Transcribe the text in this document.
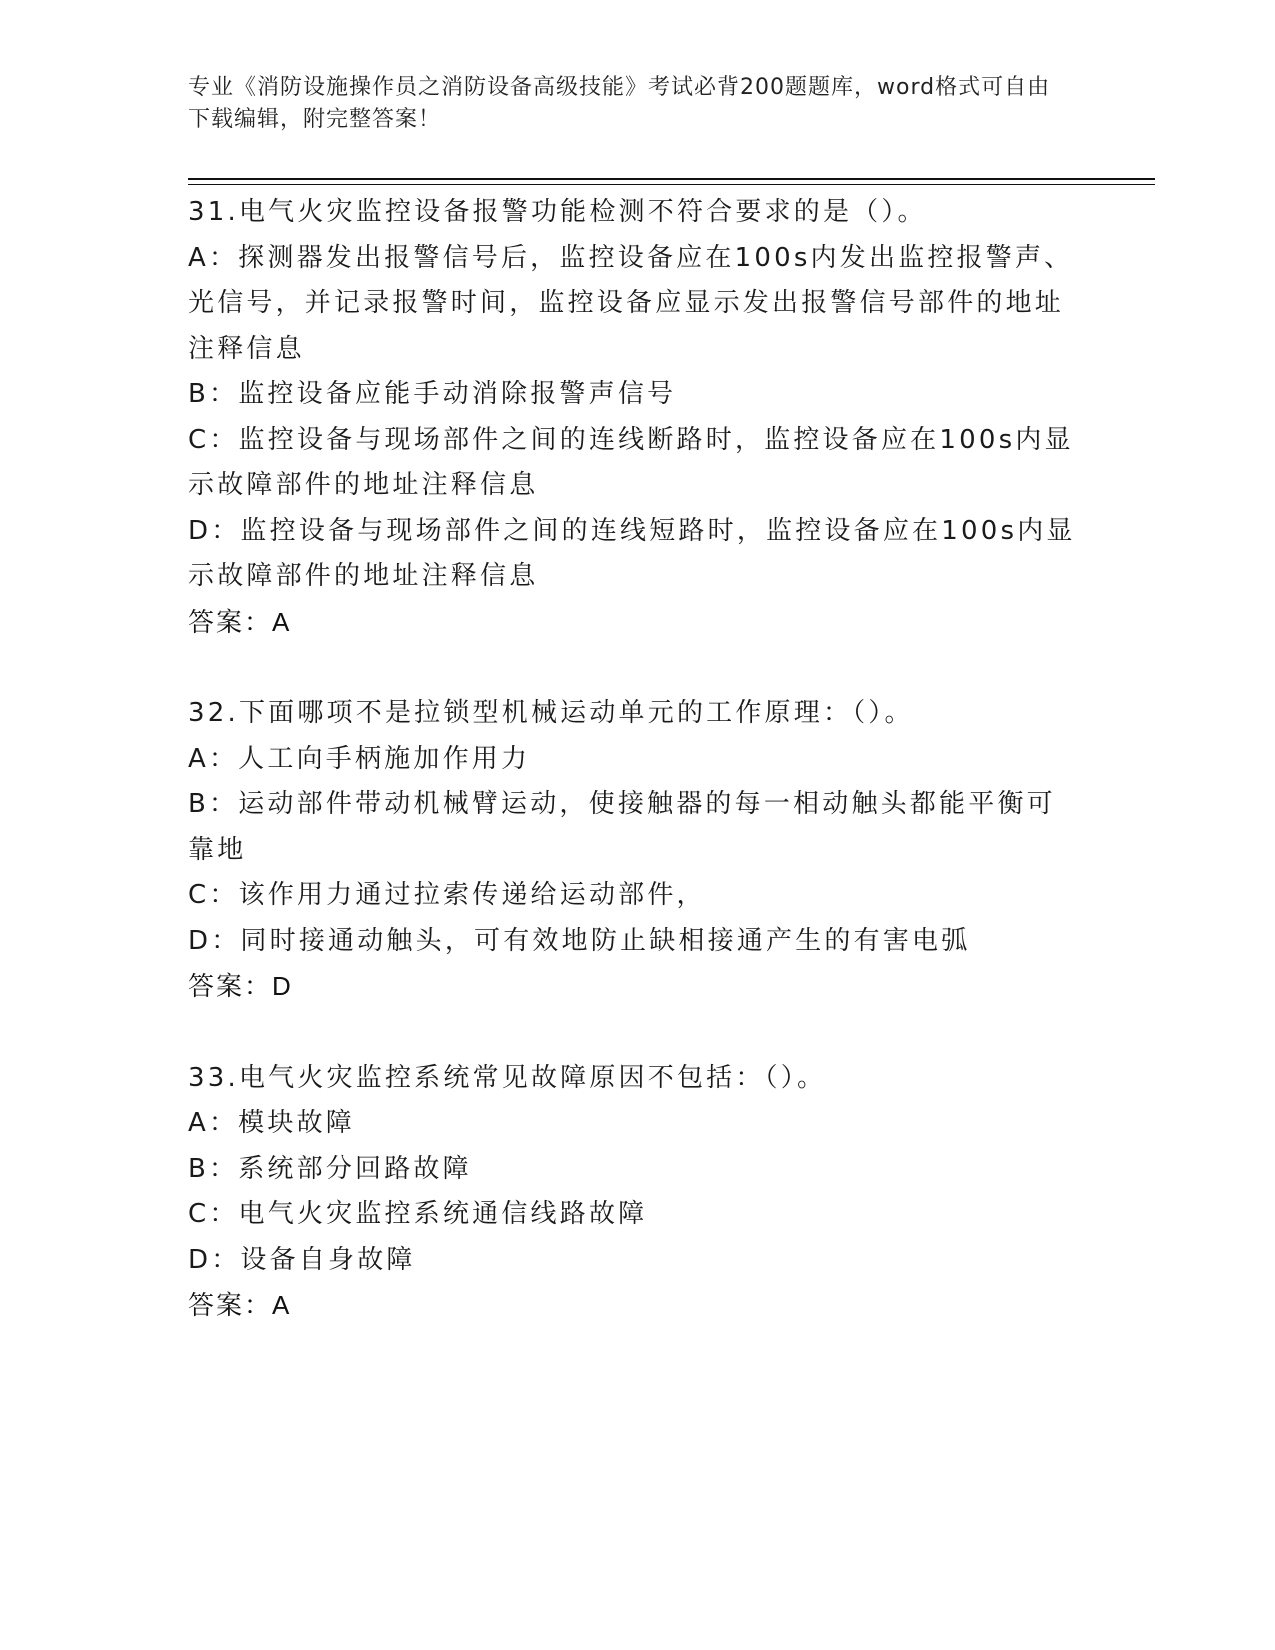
专业《消防设施操作员之消防设备高级技能》考试必背200题题库，word格式可自由下载编辑，附完整答案！
31.电气火灾监控设备报警功能检测不符合要求的是（）。
A：探测器发出报警信号后，监控设备应在100s内发出监控报警声、光信号，并记录报警时间，监控设备应显示发出报警信号部件的地址注释信息
B：监控设备应能手动消除报警声信号
C：监控设备与现场部件之间的连线断路时，监控设备应在100s内显示故障部件的地址注释信息
D：监控设备与现场部件之间的连线短路时，监控设备应在100s内显示故障部件的地址注释信息
答案：A
32.下面哪项不是拉锁型机械运动单元的工作原理：（）。
A：人工向手柄施加作用力
B：运动部件带动机械臂运动，使接触器的每一相动触头都能平衡可靠地
C：该作用力通过拉索传递给运动部件，
D：同时接通动触头，可有效地防止缺相接通产生的有害电弧
答案：D
33.电气火灾监控系统常见故障原因不包括：（）。
A：模块故障
B：系统部分回路故障
C：电气火灾监控系统通信线路故障
D：设备自身故障
答案：A
